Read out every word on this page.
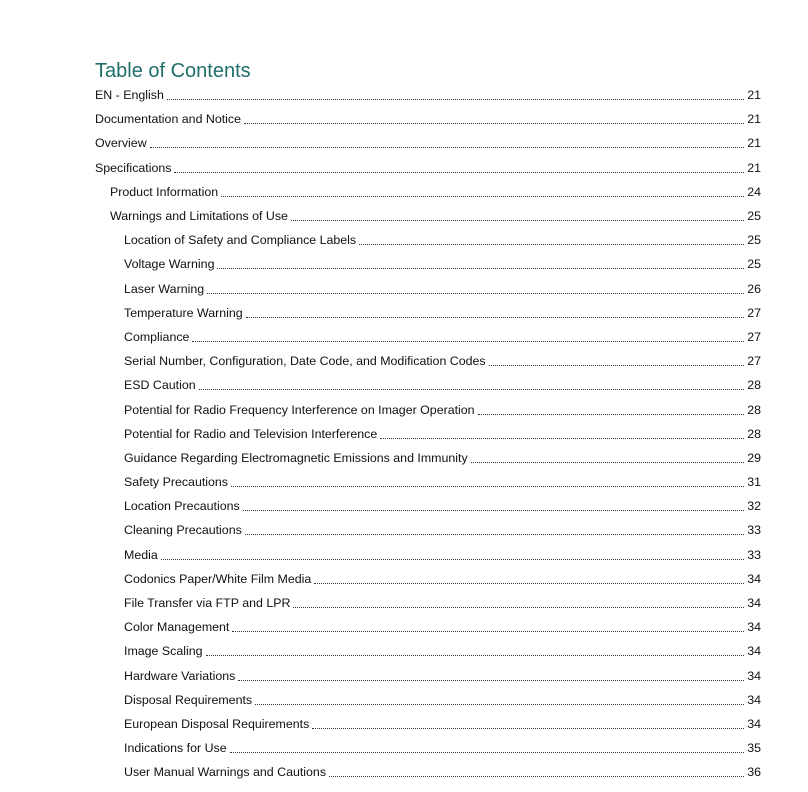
Table of Contents
EN - English	21
Documentation and Notice	21
Overview	21
Specifications	21
Product Information	24
Warnings and Limitations of Use	25
Location of Safety and Compliance Labels	25
Voltage Warning	25
Laser Warning	26
Temperature Warning	27
Compliance	27
Serial Number, Configuration, Date Code, and Modification Codes	27
ESD Caution	28
Potential for Radio Frequency Interference on Imager Operation	28
Potential for Radio and Television Interference	28
Guidance Regarding Electromagnetic Emissions and Immunity	29
Safety Precautions	31
Location Precautions	32
Cleaning Precautions	33
Media	33
Codonics Paper/White Film Media	34
File Transfer via FTP and LPR	34
Color Management	34
Image Scaling	34
Hardware Variations	34
Disposal Requirements	34
European Disposal Requirements	34
Indications for Use	35
User Manual Warnings and Cautions	36
